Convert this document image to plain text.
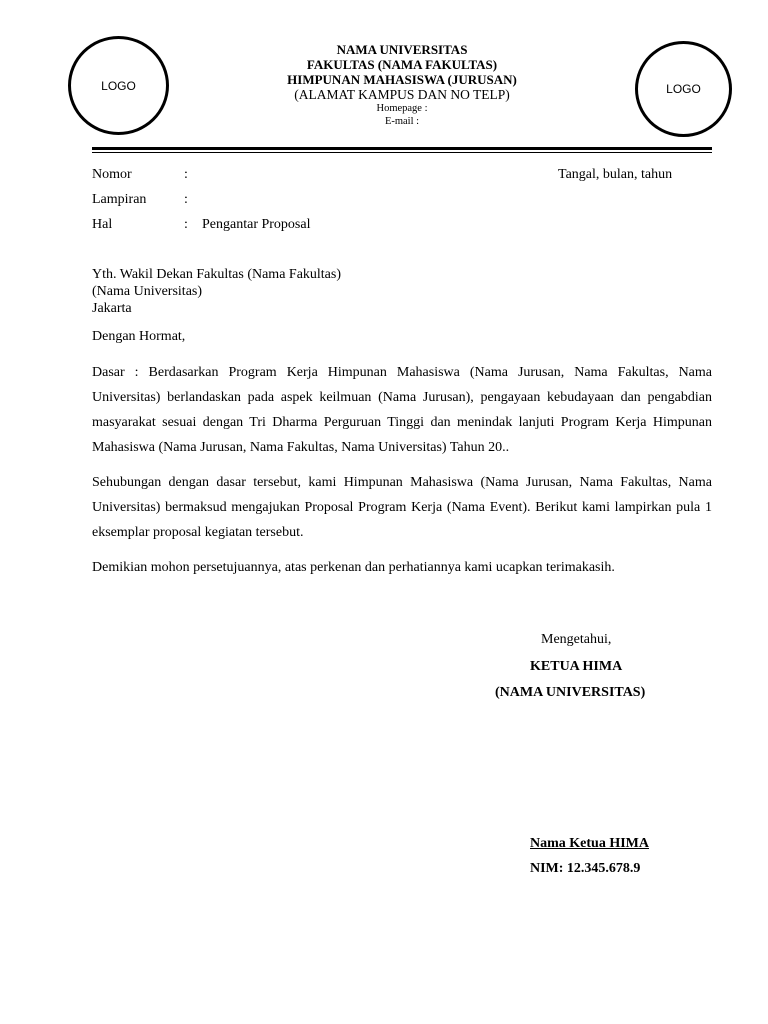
LOGO	LOGO
NAMA UNIVERSITAS
FAKULTAS (NAMA FAKULTAS)
HIMPUNAN MAHASISWA (JURUSAN)
(ALAMAT KAMPUS DAN NO TELP)
Homepage :
E-mail :
Nomor	:	Tangal, bulan, tahun
Lampiran	:
Hal	: Pengantar Proposal
Yth. Wakil Dekan Fakultas (Nama Fakultas)
(Nama Universitas)
Jakarta
Dengan Hormat,

Dasar : Berdasarkan Program Kerja Himpunan Mahasiswa (Nama Jurusan, Nama Fakultas, Nama Universitas) berlandaskan pada aspek keilmuan (Nama Jurusan), pengayaan kebudayaan dan pengabdian masyarakat sesuai dengan Tri Dharma Perguruan Tinggi dan menindak lanjuti Program Kerja Himpunan Mahasiswa (Nama Jurusan, Nama Fakultas, Nama Universitas) Tahun 20..

Sehubungan dengan dasar tersebut, kami Himpunan Mahasiswa (Nama Jurusan, Nama Fakultas, Nama Universitas) bermaksud mengajukan Proposal Program Kerja (Nama Event). Berikut kami lampirkan pula 1 eksemplar proposal kegiatan tersebut.

Demikian mohon persetujuannya, atas perkenan dan perhatiannya kami ucapkan terimakasih.

Mengetahui,
KETUA HIMA
(NAMA UNIVERSITAS)
Nama Ketua HIMA
NIM: 12.345.678.9
